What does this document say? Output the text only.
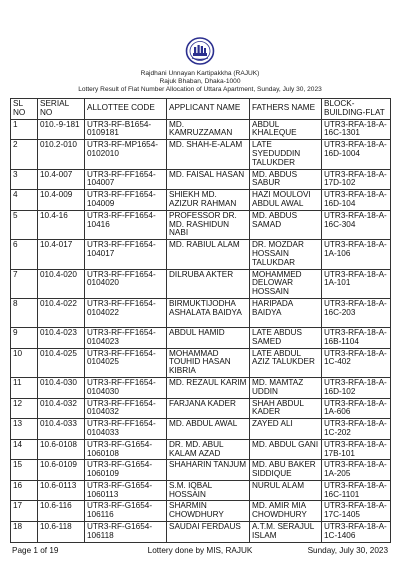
Rajdhani Unnayan Kartipakkha (RAJUK)
Rajuk Bhaban, Dhaka-1000
Lottery Result of Flat Number Allocation of Uttara Apartment, Sunday, July 30, 2023
SL NO	SERIAL NO	ALLOTTEE CODE	APPLICANT NAME	FATHERS NAME	BLOCK-BUILDING-FLAT
1	010.-9-181	UTR3-RF-B1654-0109181	MD. KAMRUZZAMAN	ABDUL KHALEQUE	UTR3-RFA-18-A-16C-1301
2	010.2-010	UTR3-RF-MP1654-0102010	MD. SHAH-E-ALAM	LATE SYEDUDDIN TALUKDER	UTR3-RFA-18-A-16D-1004
3	10.4-007	UTR3-RF-FF1654-104007	MD. FAISAL HASAN	MD. ABDUS SABUR	UTR3-RFA-18-A-17D-102
4	10.4-009	UTR3-RF-FF1654-104009	SHIEKH MD. AZIZUR RAHMAN	HAZI MOULOVI ABDUL AWAL	UTR3-RFA-18-A-16D-104
5	10.4-16	UTR3-RF-FF1654-10416	PROFESSOR DR. MD. RASHIDUN NABI	MD. ABDUS SAMAD	UTR3-RFA-18-A-16C-304
6	10.4-017	UTR3-RF-FF1654-104017	MD. RABIUL ALAM	DR. MOZDAR HOSSAIN TALUKDAR	UTR3-RFA-18-A-1A-106
7	010.4-020	UTR3-RF-FF1654-0104020	DILRUBA AKTER	MOHAMMED DELOWAR HOSSAIN	UTR3-RFA-18-A-1A-101
8	010.4-022	UTR3-RF-FF1654-0104022	BIRMUKTIJODHA ASHALATA BAIDYA	HARIPADA BAIDYA	UTR3-RFA-18-A-16C-203
9	010.4-023	UTR3-RF-FF1654-0104023	ABDUL HAMID	LATE ABDUS SAMED	UTR3-RFA-18-A-16B-1104
10	010.4-025	UTR3-RF-FF1654-0104025	MOHAMMAD TOUHID HASAN KIBRIA	LATE ABDUL AZIZ TALUKDER	UTR3-RFA-18-A-1C-402
11	010.4-030	UTR3-RF-FF1654-0104030	MD. REZAUL KARIM	MD. MAMTAZ UDDIN	UTR3-RFA-18-A-16D-102
12	010.4-032	UTR3-RF-FF1654-0104032	FARJANA KADER	SHAH ABDUL KADER	UTR3-RFA-18-A-1A-606
13	010.4-033	UTR3-RF-FF1654-0104033	MD. ABDUL AWAL	ZAYED ALI	UTR3-RFA-18-A-1C-202
14	10.6-0108	UTR3-RF-G1654-1060108	DR. MD. ABUL KALAM AZAD	MD. ABDUL GANI	UTR3-RFA-18-A-17B-101
15	10.6-0109	UTR3-RF-G1654-1060109	SHAHARIN TANJUM	MD. ABU BAKER SIDDIQUE	UTR3-RFA-18-A-1A-205
16	10.6-0113	UTR3-RF-G1654-1060113	S.M. IQBAL HOSSAIN	NURUL ALAM	UTR3-RFA-18-A-16C-1101
17	10.6-116	UTR3-RF-G1654-106116	SHARMIN CHOWDHURY	MD. AMIR MIA CHOWDHURY	UTR3-RFA-18-A-17C-1405
18	10.6-118	UTR3-RF-G1654-106118	SAUDAI FERDAUS	A.T.M. SERAJUL ISLAM	UTR3-RFA-18-A-1C-1406
Page 1 of 19	Lottery done by MIS, RAJUK	Sunday, July 30, 2023
